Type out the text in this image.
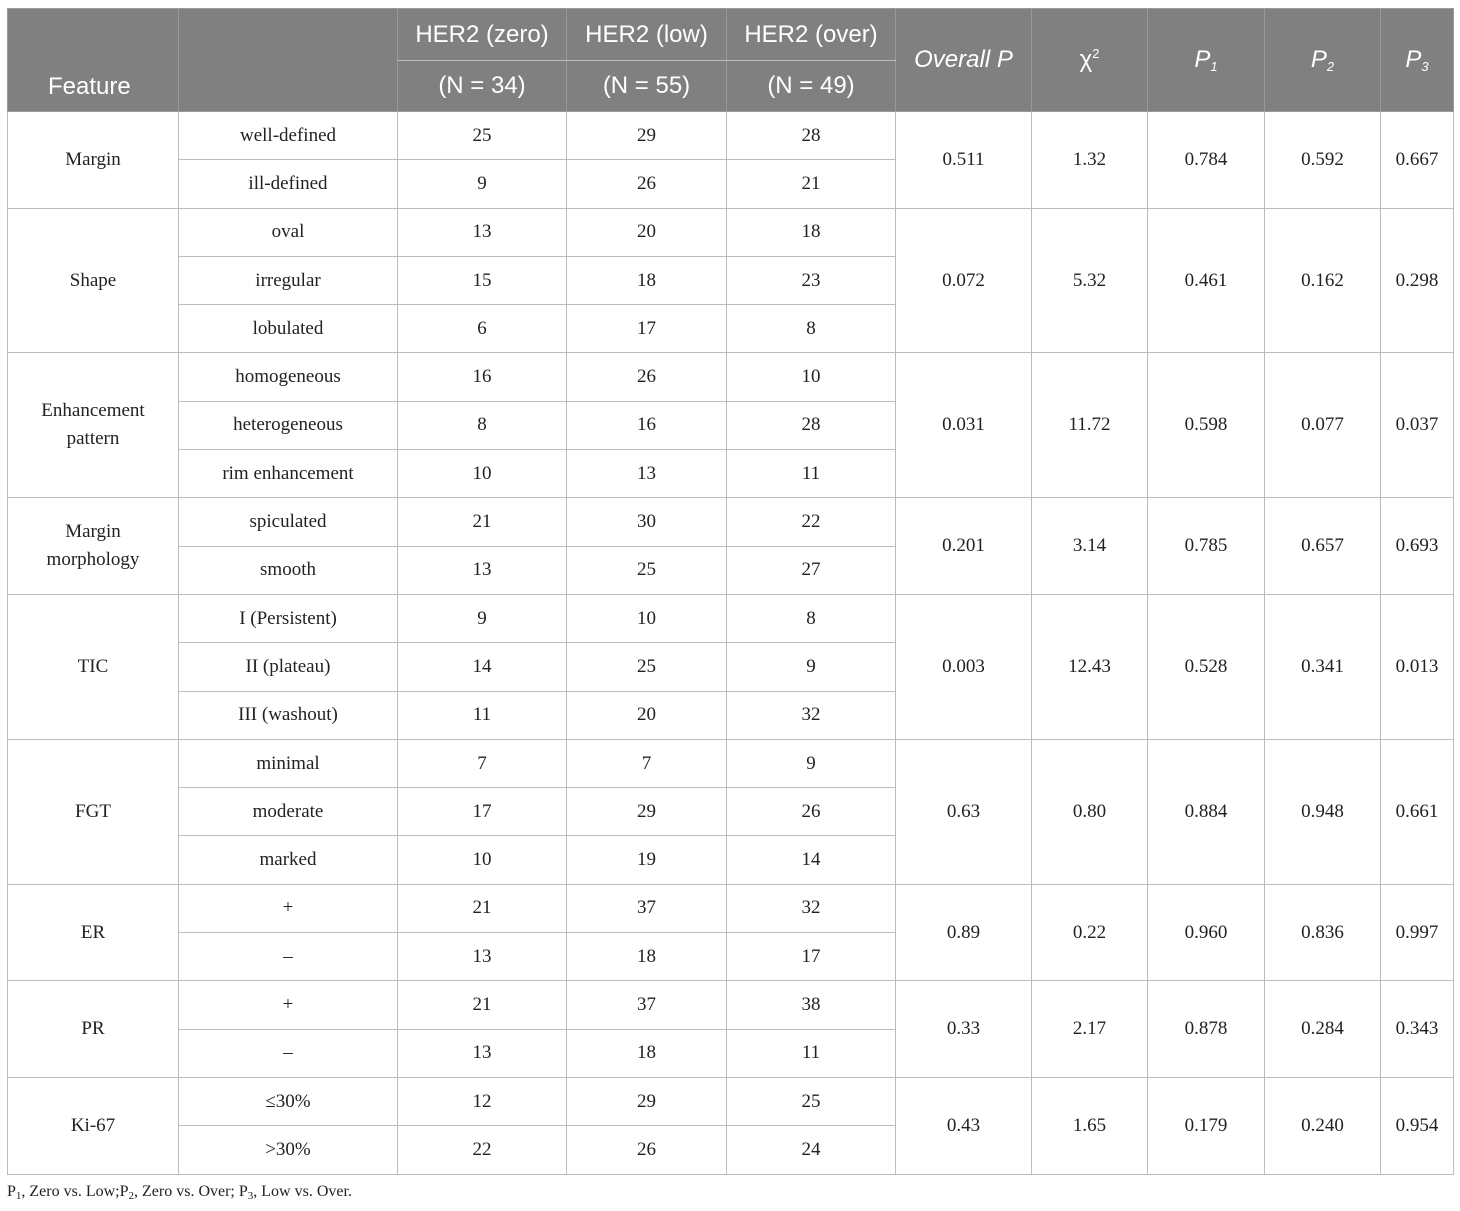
Feature		HER2 (zero)	HER2 (low)	HER2 (over)	Overall P	$\chi^2$	$P_1$	$P_2$	$P_3$
		(N = 34)	(N = 55)	(N = 49)					
Margin	well-defined	25	29	28	0.511	1.32	0.784	0.592	0.667
	ill-defined	9	26	21					
Shape	oval	13	20	18	0.072	5.32	0.461	0.162	0.298
	irregular	15	18	23					
	lobulated	6	17	8					
Enhancement
pattern	homogeneous	16	26	10	0.031	11.72	0.598	0.077	0.037
	heterogeneous	8	16	28					
	rim enhancement	10	13	11					
Margin
morphology	spiculated	21	30	22	0.201	3.14	0.785	0.657	0.693
	smooth	13	25	27					
TIC	I (Persistent)	9	10	8	0.003	12.43	0.528	0.341	0.013
	II (plateau)	14	25	9					
	III (washout)	11	20	32					
FGT	minimal	7	7	9	0.63	0.80	0.884	0.948	0.661
	moderate	17	29	26					
	marked	10	19	14					
ER	+	21	37	32	0.89	0.22	0.960	0.836	0.997
	–	13	18	17					
PR	+	21	37	38	0.33	2.17	0.878	0.284	0.343
	–	13	18	11					
Ki-67	≤30%	12	29	25	0.43	1.65	0.179	0.240	0.954
	>30%	22	26	24					
$P_1$, Zero vs. $Low;P_2$, Zero vs. Over; $P_3$, Low vs. Over.
